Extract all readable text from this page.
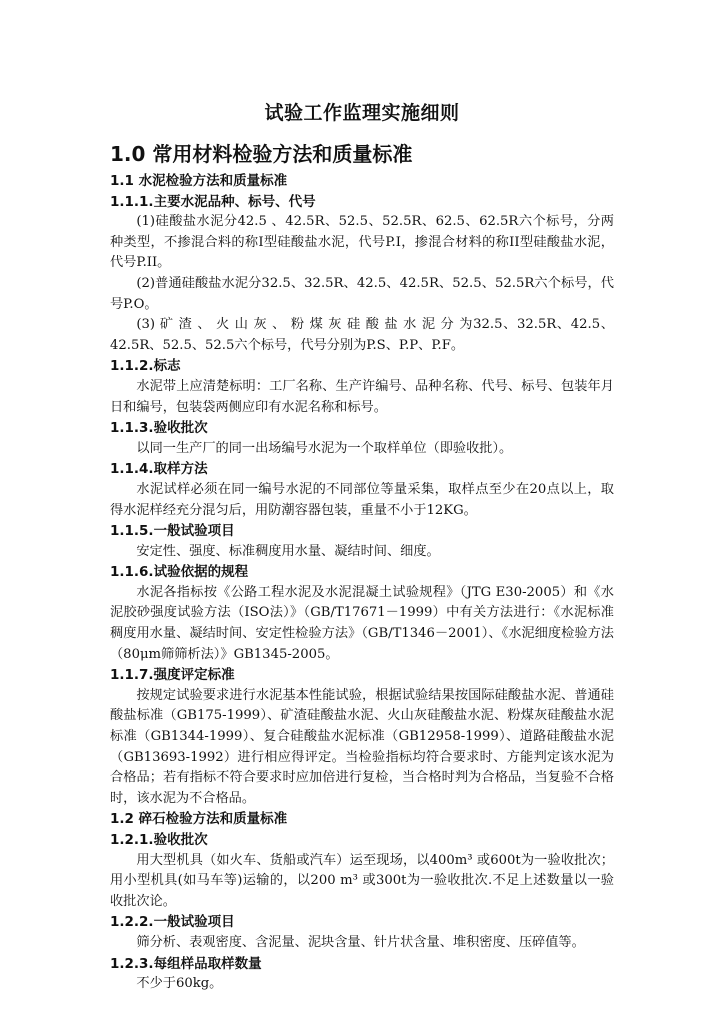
试验工作监理实施细则
1.0 常用材料检验方法和质量标准
1.1 水泥检验方法和质量标准
1.1.1.主要水泥品种、标号、代号
(1)硅酸盐水泥分42.5 、42.5R、52.5、52.5R、62.5、62.5R六个标号，分两种类型，不掺混合料的称I型硅酸盐水泥，代号P.I，掺混合材料的称II型硅酸盐水泥，代号P.II。
(2)普通硅酸盐水泥分32.5、32.5R、42.5、42.5R、52.5、52.5R六个标号，代号P.O。
(3) 矿 渣 、 火 山 灰 、 粉 煤 灰 硅 酸 盐 水 泥 分 为32.5、32.5R、42.5、42.5R、52.5、52.5六个标号，代号分别为P.S、P.P、P.F。
1.1.2.标志
水泥带上应清楚标明：工厂名称、生产许编号、品种名称、代号、标号、包装年月日和编号，包装袋两侧应印有水泥名称和标号。
1.1.3.验收批次
以同一生产厂的同一出场编号水泥为一个取样单位（即验收批）。
1.1.4.取样方法
水泥试样必须在同一编号水泥的不同部位等量采集，取样点至少在20点以上，取得水泥样经充分混匀后，用防潮容器包装，重量不小于12KG。
1.1.5.一般试验项目
安定性、强度、标准稠度用水量、凝结时间、细度。
1.1.6.试验依据的规程
水泥各指标按《公路工程水泥及水泥混凝土试验规程》（JTG E30-2005）和《水泥胶砂强度试验方法（ISO法）》（GB/T17671－1999）中有关方法进行：《水泥标准稠度用水量、凝结时间、安定性检验方法》（GB/T1346－2001）、《水泥细度检验方法（80μm筛筛析法）》GB1345-2005。
1.1.7.强度评定标准
按规定试验要求进行水泥基本性能试验，根据试验结果按国际硅酸盐水泥、普通硅酸盐标准（GB175-1999）、矿渣硅酸盐水泥、火山灰硅酸盐水泥、粉煤灰硅酸盐水泥标准（GB1344-1999）、复合硅酸盐水泥标准（GB12958-1999）、道路硅酸盐水泥（GB13693-1992）进行相应得评定。当检验指标均符合要求时、方能判定该水泥为合格品；若有指标不符合要求时应加倍进行复检，当合格时判为合格品，当复验不合格时，该水泥为不合格品。
1.2 碎石检验方法和质量标准
1.2.1.验收批次
用大型机具（如火车、货船或汽车）运至现场，以400m³ 或600t为一验收批次；用小型机具(如马车等)运输的，以200 m³ 或300t为一验收批次.不足上述数量以一验收批次论。
1.2.2.一般试验项目
筛分析、表观密度、含泥量、泥块含量、针片状含量、堆积密度、压碎值等。
1.2.3.每组样品取样数量
不少于60kg。
